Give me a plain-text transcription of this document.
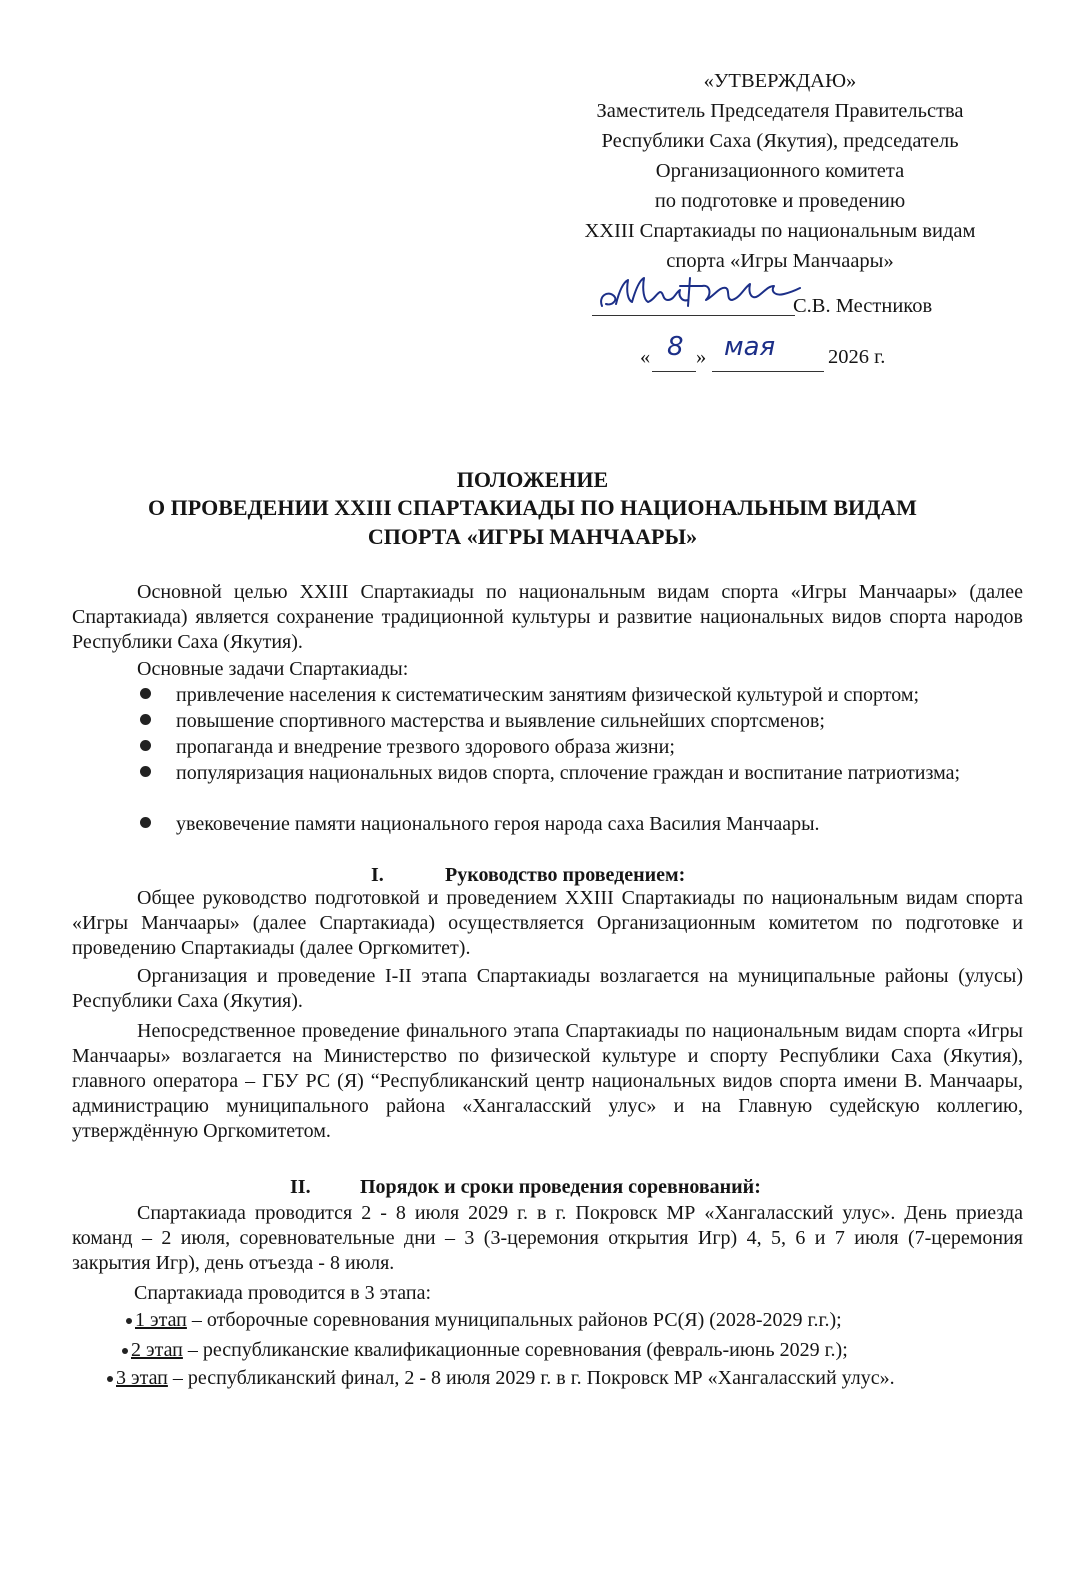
«УТВЕРЖДАЮ»
Заместитель Председателя Правительства
Республики Саха (Якутия), председатель
Организационного комитета
по подготовке и проведению
XXIII Спартакиады по национальным видам
спорта «Игры Манчаары»
С.В. Местников
« 8 » мая	2026 г.
ПОЛОЖЕНИЕ
О ПРОВЕДЕНИИ XXIII СПАРТАКИАДЫ ПО НАЦИОНАЛЬНЫМ ВИДАМ
СПОРТА «ИГРЫ МАНЧААРЫ»
Основной целью XXIII Спартакиады по национальным видам спорта «Игры Манчаары» (далее Спартакиада) является сохранение традиционной культуры и развитие национальных видов спорта народов Республики Саха (Якутия).
Основные задачи Спартакиады:
привлечение населения к систематическим занятиям физической культурой и спортом;
повышение спортивного мастерства и выявление сильнейших спортсменов;
пропаганда и внедрение трезвого здорового образа жизни;
популяризация национальных видов спорта, сплочение граждан и воспитание патриотизма;
увековечение памяти национального героя народа саха Василия Манчаары.
I.	Руководство проведением:
Общее руководство подготовкой и проведением XXIII Спартакиады по национальным видам спорта «Игры Манчаары» (далее Спартакиада) осуществляется Организационным комитетом по подготовке и проведению Спартакиады (далее Оргкомитет).
Организация и проведение I-II этапа Спартакиады возлагается на муниципальные районы (улусы) Республики Саха (Якутия).
Непосредственное проведение финального этапа Спартакиады по национальным видам спорта «Игры Манчаары» возлагается на Министерство по физической культуре и спорту Республики Саха (Якутия), главного оператора – ГБУ РС (Я) “Республиканский центр национальных видов спорта имени В. Манчаары, администрацию муниципального района «Хангаласский улус» и на Главную судейскую коллегию, утверждённую Оргкомитетом.
II. Порядок и сроки проведения соревнований:
Спартакиада проводится 2 - 8 июля 2029 г. в г. Покровск МР «Хангаласский улус». День приезда команд – 2 июля, соревновательные дни – 3 (3-церемония открытия Игр) 4, 5, 6 и 7 июля (7-церемония закрытия Игр), день отъезда - 8 июля.
Спартакиада проводится в 3 этапа:
1 этап – отборочные соревнования муниципальных районов РС(Я) (2028-2029 г.г.);
2 этап – республиканские квалификационные соревнования (февраль-июнь 2029 г.);
3 этап – республиканский финал, 2 - 8 июля 2029 г. в г. Покровск МР «Хангаласский улус».
